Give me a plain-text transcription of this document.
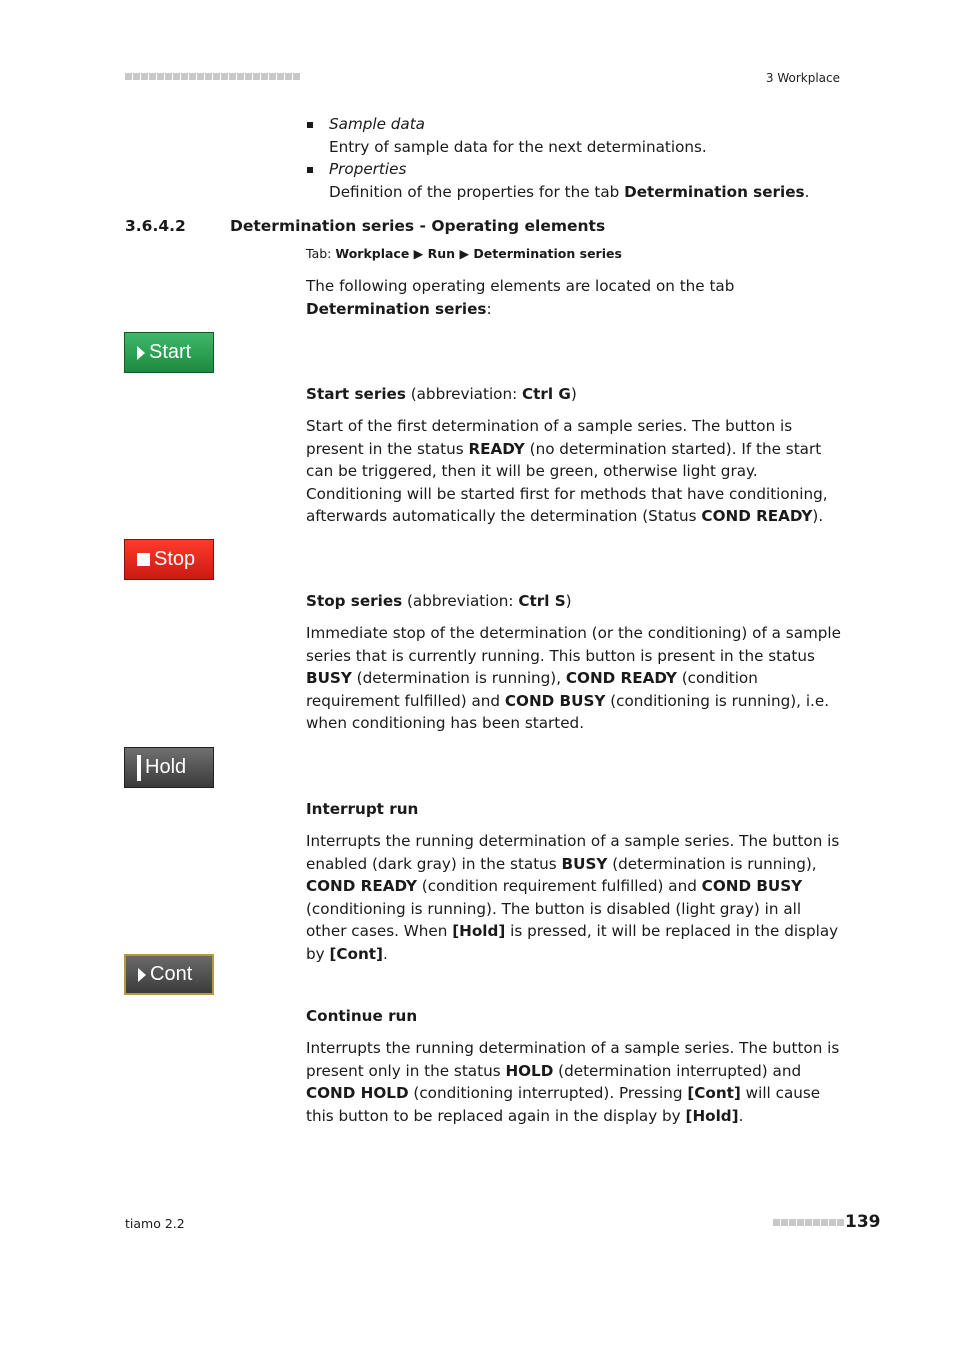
3 Workplace
Sample data
Entry of sample data for the next determinations.
Properties
Definition of the properties for the tab Determination series.
3.6.4.2	Determination series - Operating elements
Tab: Workplace ▶ Run ▶ Determination series
The following operating elements are located on the tab Determination series:
Start
Start series (abbreviation: Ctrl G)
Start of the first determination of a sample series. The button is present in the status READY (no determination started). If the start can be triggered, then it will be green, otherwise light gray. Conditioning will be started first for methods that have conditioning, afterwards automatically the determination (Status COND READY).
Stop
Stop series (abbreviation: Ctrl S)
Immediate stop of the determination (or the conditioning) of a sample series that is currently running. This button is present in the status BUSY (determination is running), COND READY (condition requirement fulfilled) and COND BUSY (conditioning is running), i.e. when conditioning has been started.
Hold
Interrupt run
Interrupts the running determination of a sample series. The button is enabled (dark gray) in the status BUSY (determination is running), COND READY (condition requirement fulfilled) and COND BUSY (conditioning is running). The button is disabled (light gray) in all other cases. When [Hold] is pressed, it will be replaced in the display by [Cont].
Cont
Continue run
Interrupts the running determination of a sample series. The button is present only in the status HOLD (determination interrupted) and COND HOLD (conditioning interrupted). Pressing [Cont] will cause this button to be replaced again in the display by [Hold].
tiamo 2.2	139
